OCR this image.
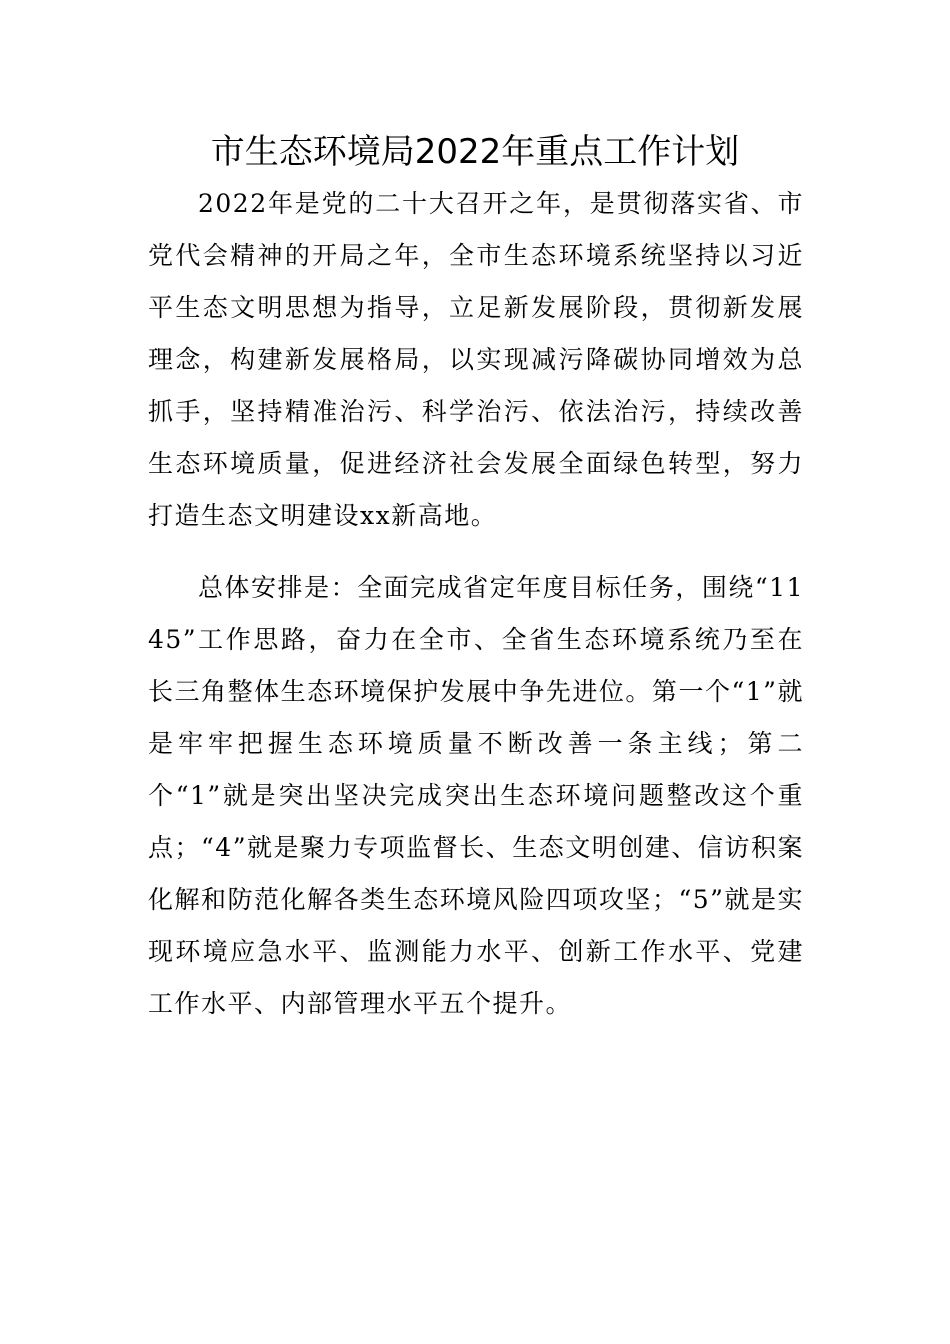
市生态环境局2022年重点工作计划

2022年是党的二十大召开之年，是贯彻落实省、市党代会精神的开局之年，全市生态环境系统坚持以习近平生态文明思想为指导，立足新发展阶段，贯彻新发展理念，构建新发展格局，以实现减污降碳协同增效为总抓手，坚持精准治污、科学治污、依法治污，持续改善生态环境质量，促进经济社会发展全面绿色转型，努力打造生态文明建设xx新高地。

总体安排是：全面完成省定年度目标任务，围绕“1145”工作思路，奋力在全市、全省生态环境系统乃至在长三角整体生态环境保护发展中争先进位。第一个“1”就是牢牢把握生态环境质量不断改善一条主线；第二个“1”就是突出坚决完成突出生态环境问题整改这个重点；“4”就是聚力专项监督长、生态文明创建、信访积案化解和防范化解各类生态环境风险四项攻坚；“5”就是实现环境应急水平、监测能力水平、创新工作水平、党建工作水平、内部管理水平五个提升。
